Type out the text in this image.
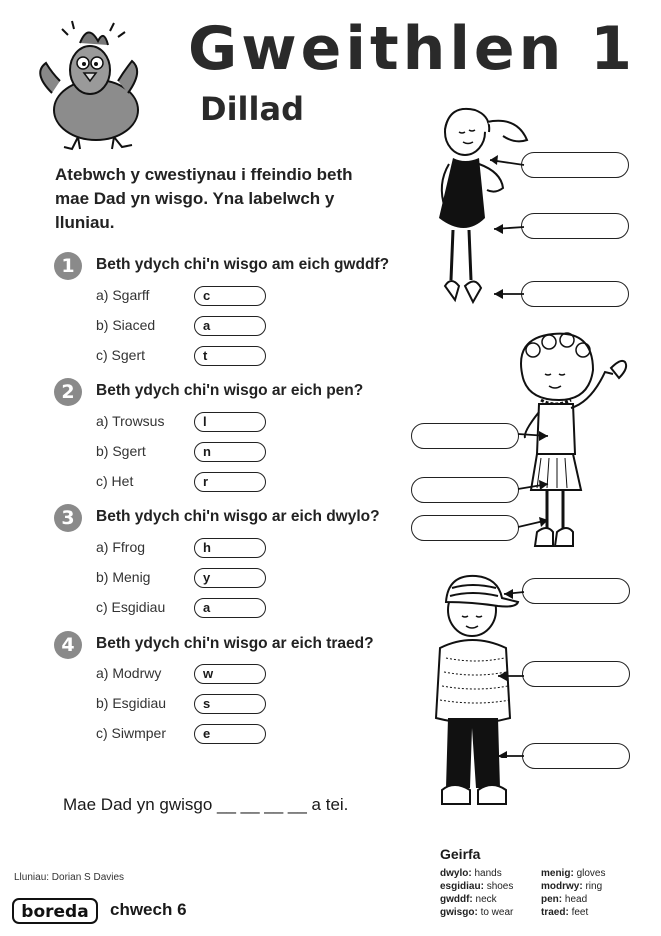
Gweithlen 1
Dillad
Atebwch y cwestiynau i ffeindio beth mae Dad yn wisgo. Yna labelwch y lluniau.
1	Beth ydych chi'n wisgo am eich gwddf?
a) Sgarff	c
b) Siaced	a
c) Sgert	t
2	Beth ydych chi'n wisgo ar eich pen?
a) Trowsus	l
b) Sgert	n
c) Het	r
3	Beth ydych chi'n wisgo ar eich dwylo?
a) Ffrog	h
b) Menig	y
c) Esgidiau	a
4	Beth ydych chi'n wisgo ar eich traed?
a) Modrwy	w
b) Esgidiau	s
c) Siwmper	e
Mae Dad yn gwisgo __ __ __ __ a tei.
Lluniau: Dorian S Davies
boreda chwech 6
Geirfa
dwylo: hands
esgidiau: shoes
gwddf: neck
gwisgo: to wear
menig: gloves
modrwy: ring
pen: head
traed: feet
